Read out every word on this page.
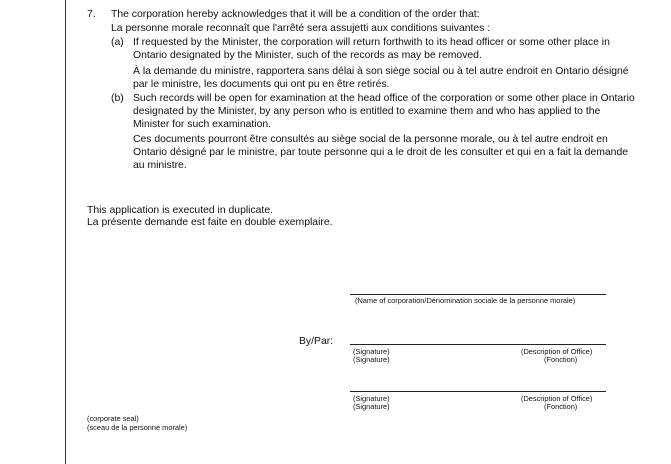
7. The corporation hereby acknowledges that it will be a condition of the order that:
La personne morale reconnaît que l'arrêté sera assujetti aux conditions suivantes :
(a) If requested by the Minister, the corporation will return forthwith to its head officer or some other place in
Ontario designated by the Minister, such of the records as may be removed.
À la demande du ministre, rapportera sans délai à son siège social ou à tel autre endroit en Ontario désigné
par le ministre, les documents qui ont pu en être retirés.
(b) Such records will be open for examination at the head office of the corporation or some other place in Ontario
designated by the Minister, by any person who is entitled to examine them and who has applied to the
Minister for such examination.
Ces documents pourront être consultés au siège social de la personne morale, ou à tel autre endroit en
Ontario désigné par le ministre, par toute personne qui a le droit de les consulter et qui en a fait la demande
au ministre.
This application is executed in duplicate.
La présente demande est faite en double exemplaire.
(Name of corporation/Dénomination sociale de la personne morale)
By/Par:
(Signature)
(Signature)
(Description of Office)
(Fonction)
(Signature)
(Signature)
(Description of Office)
(Fonction)
(corporate seal)
(sceau de la personne morale)
